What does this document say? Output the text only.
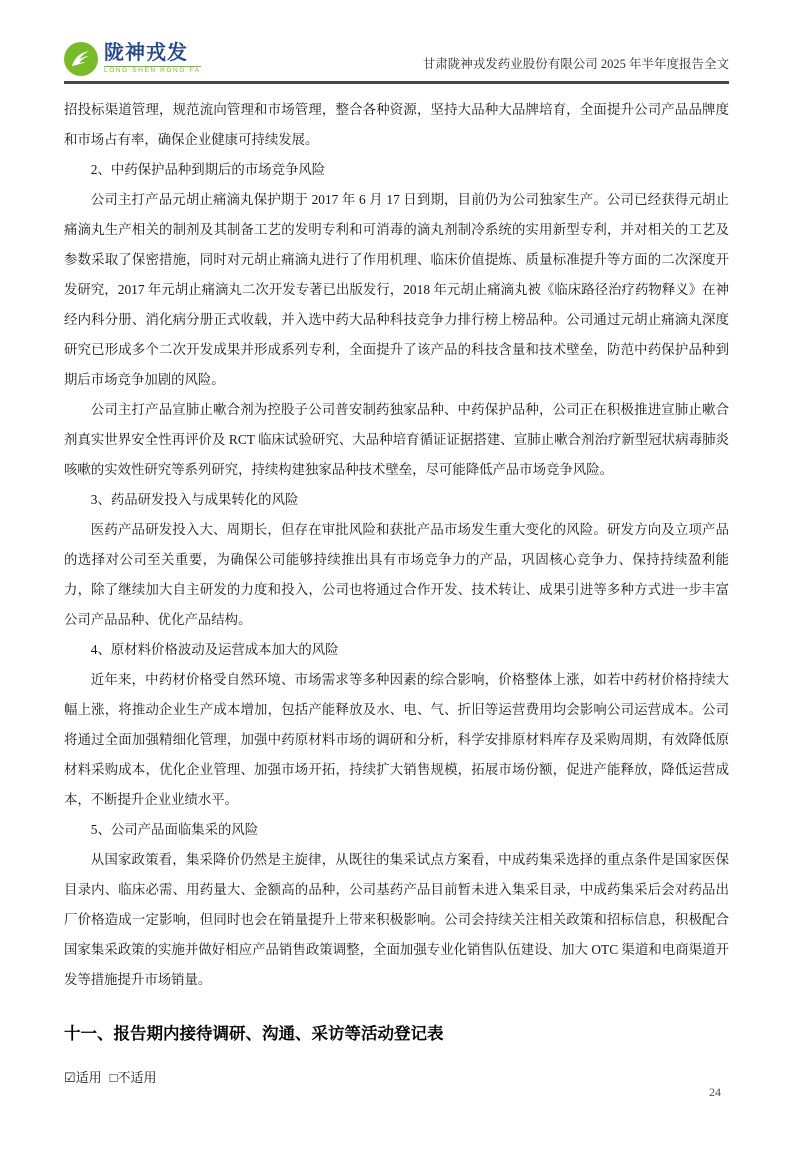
陇神戎发
LONG SHEN RONG FA	甘肃陇神戎发药业股份有限公司 2025 年半年度报告全文

招投标渠道管理，规范流向管理和市场管理，整合各种资源，坚持大品种大品牌培育，全面提升公司产品品牌度和市场占有率，确保企业健康可持续发展。

2、中药保护品种到期后的市场竞争风险

公司主打产品元胡止痛滴丸保护期于 2017 年 6 月 17 日到期，目前仍为公司独家生产。公司已经获得元胡止痛滴丸生产相关的制剂及其制备工艺的发明专利和可消毒的滴丸剂制冷系统的实用新型专利，并对相关的工艺及参数采取了保密措施，同时对元胡止痛滴丸进行了作用机理、临床价值提炼、质量标准提升等方面的二次深度开发研究，2017 年元胡止痛滴丸二次开发专著已出版发行，2018 年元胡止痛滴丸被《临床路径治疗药物释义》在神经内科分册、消化病分册正式收载，并入选中药大品种科技竞争力排行榜上榜品种。公司通过元胡止痛滴丸深度研究已形成多个二次开发成果并形成系列专利，全面提升了该产品的科技含量和技术壁垒，防范中药保护品种到期后市场竞争加剧的风险。

公司主打产品宣肺止嗽合剂为控股子公司普安制药独家品种、中药保护品种，公司正在积极推进宣肺止嗽合剂真实世界安全性再评价及 RCT 临床试验研究、大品种培育循证证据搭建、宣肺止嗽合剂治疗新型冠状病毒肺炎咳嗽的实效性研究等系列研究，持续构建独家品种技术壁垒，尽可能降低产品市场竞争风险。

3、药品研发投入与成果转化的风险

医药产品研发投入大、周期长，但存在审批风险和获批产品市场发生重大变化的风险。研发方向及立项产品的选择对公司至关重要，为确保公司能够持续推出具有市场竞争力的产品，巩固核心竞争力、保持持续盈利能力，除了继续加大自主研发的力度和投入，公司也将通过合作开发、技术转让、成果引进等多种方式进一步丰富公司产品品种、优化产品结构。

4、原材料价格波动及运营成本加大的风险

近年来，中药材价格受自然环境、市场需求等多种因素的综合影响，价格整体上涨，如若中药材价格持续大幅上涨，将推动企业生产成本增加，包括产能释放及水、电、气、折旧等运营费用均会影响公司运营成本。公司将通过全面加强精细化管理，加强中药原材料市场的调研和分析，科学安排原材料库存及采购周期，有效降低原材料采购成本，优化企业管理、加强市场开拓，持续扩大销售规模，拓展市场份额，促进产能释放，降低运营成本，不断提升企业业绩水平。

5、公司产品面临集采的风险

从国家政策看，集采降价仍然是主旋律，从既往的集采试点方案看，中成药集采选择的重点条件是国家医保目录内、临床必需、用药量大、金额高的品种，公司基药产品目前暂未进入集采目录，中成药集采后会对药品出厂价格造成一定影响，但同时也会在销量提升上带来积极影响。公司会持续关注相关政策和招标信息，积极配合国家集采政策的实施并做好相应产品销售政策调整，全面加强专业化销售队伍建设、加大 OTC 渠道和电商渠道开发等措施提升市场销量。

十一、报告期内接待调研、沟通、采访等活动登记表
☑适用 □不适用
24
